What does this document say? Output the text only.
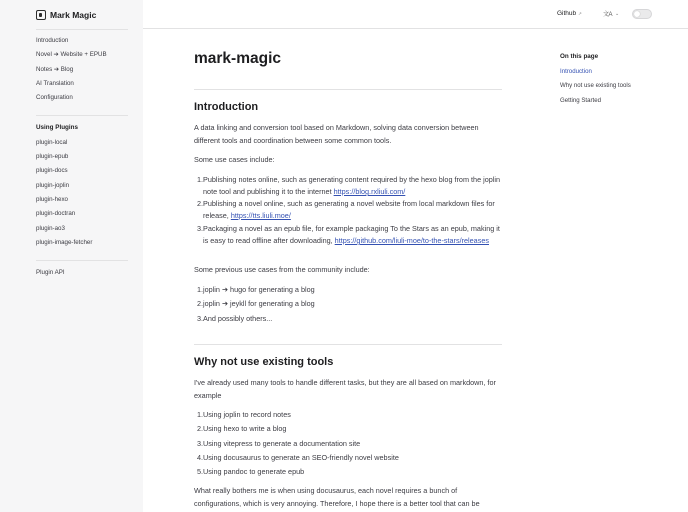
Mark Magic
Introduction
Novel ➔ Website + EPUB
Notes ➔ Blog
AI Translation
Configuration
Using Plugins
plugin-local
plugin-epub
plugin-docs
plugin-joplin
plugin-hexo
plugin-doctran
plugin-ao3
plugin-image-fetcher
Plugin API
Github ↗	文A ⌄
mark-magic
Introduction
A data linking and conversion tool based on Markdown, solving data conversion between different tools and coordination between some common tools.
Some use cases include:
1. Publishing notes online, such as generating content required by the hexo blog from the joplin note tool and publishing it to the internet https://blog.rxliuli.com/
2. Publishing a novel online, such as generating a novel website from local markdown files for release, https://tts.liuli.moe/
3. Packaging a novel as an epub file, for example packaging To the Stars as an epub, making it is easy to read offline after downloading, https://github.com/liuli-moe/to-the-stars/releases
Some previous use cases from the community include:
1. joplin ➔ hugo for generating a blog
2. joplin ➔ jeykll for generating a blog
3. And possibly others...
Why not use existing tools
I've already used many tools to handle different tasks, but they are all based on markdown, for example
1. Using joplin to record notes
2. Using hexo to write a blog
3. Using vitepress to generate a documentation site
4. Using docusaurus to generate an SEO-friendly novel website
5. Using pandoc to generate epub
What really bothers me is when using docusaurus, each novel requires a bunch of configurations, which is very annoying. Therefore, I hope there is a better tool that can be
On this page
Introduction
Why not use existing tools
Getting Started
